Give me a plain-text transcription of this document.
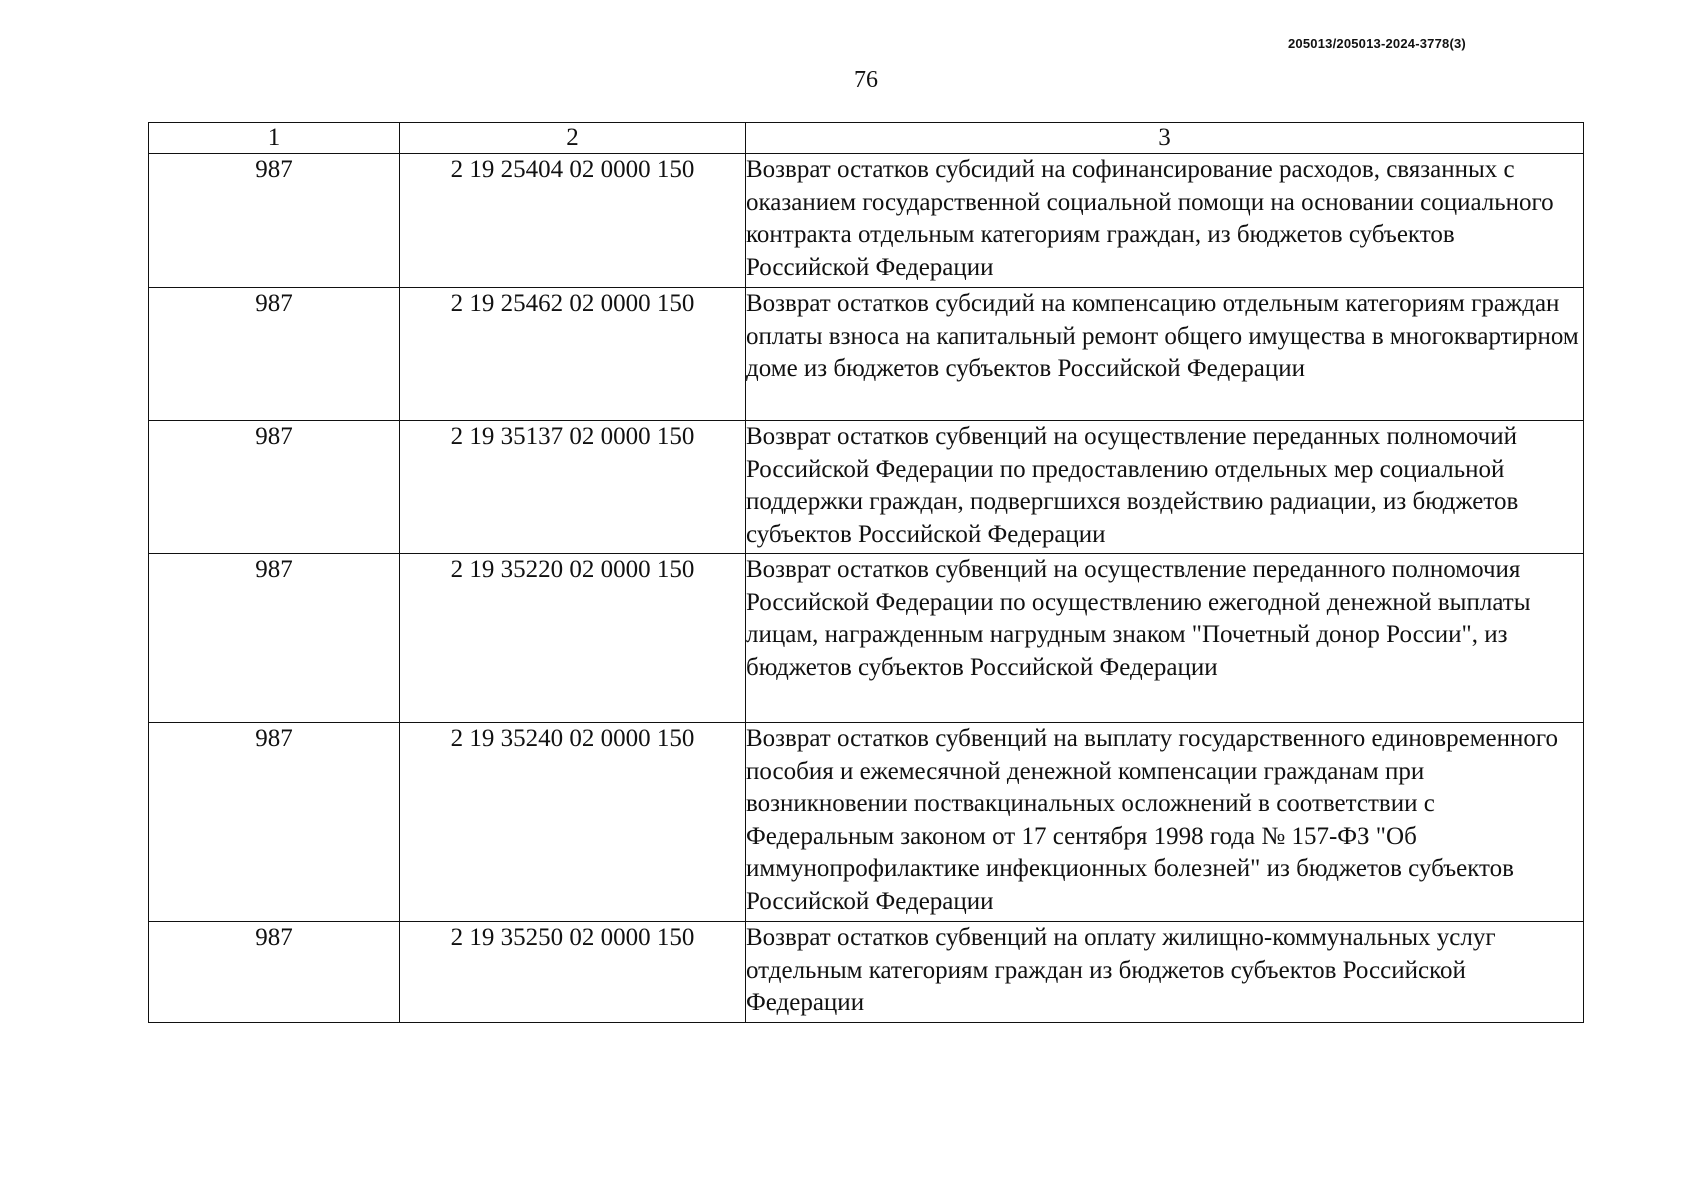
205013/205013-2024-3778(3)
76
1	2	3
987	2 19 25404 02 0000 150	Возврат остатков субсидий на софинансирование расходов, связанных с оказанием государственной социальной помощи на основании социального контракта отдельным категориям граждан, из бюджетов субъектов Российской Федерации
987	2 19 25462 02 0000 150	Возврат остатков субсидий на компенсацию отдельным категориям граждан оплаты взноса на капитальный ремонт общего имущества в многоквартирном доме из бюджетов субъектов Российской Федерации
987	2 19 35137 02 0000 150	Возврат остатков субвенций на осуществление переданных полномочий Российской Федерации по предоставлению отдельных мер социальной поддержки граждан, подвергшихся воздействию радиации, из бюджетов субъектов Российской Федерации
987	2 19 35220 02 0000 150	Возврат остатков субвенций на осуществление переданного полномочия Российской Федерации по осуществлению ежегодной денежной выплаты лицам, награжденным нагрудным знаком "Почетный донор России", из бюджетов субъектов Российской Федерации
987	2 19 35240 02 0000 150	Возврат остатков субвенций на выплату государственного единовременного пособия и ежемесячной денежной компенсации гражданам при возникновении поствакцинальных осложнений в соответствии с Федеральным законом от 17 сентября 1998 года № 157-ФЗ "Об иммунопрофилактике инфекционных болезней" из бюджетов субъектов Российской Федерации
987	2 19 35250 02 0000 150	Возврат остатков субвенций на оплату жилищно-коммунальных услуг отдельным категориям граждан из бюджетов субъектов Российской Федерации
